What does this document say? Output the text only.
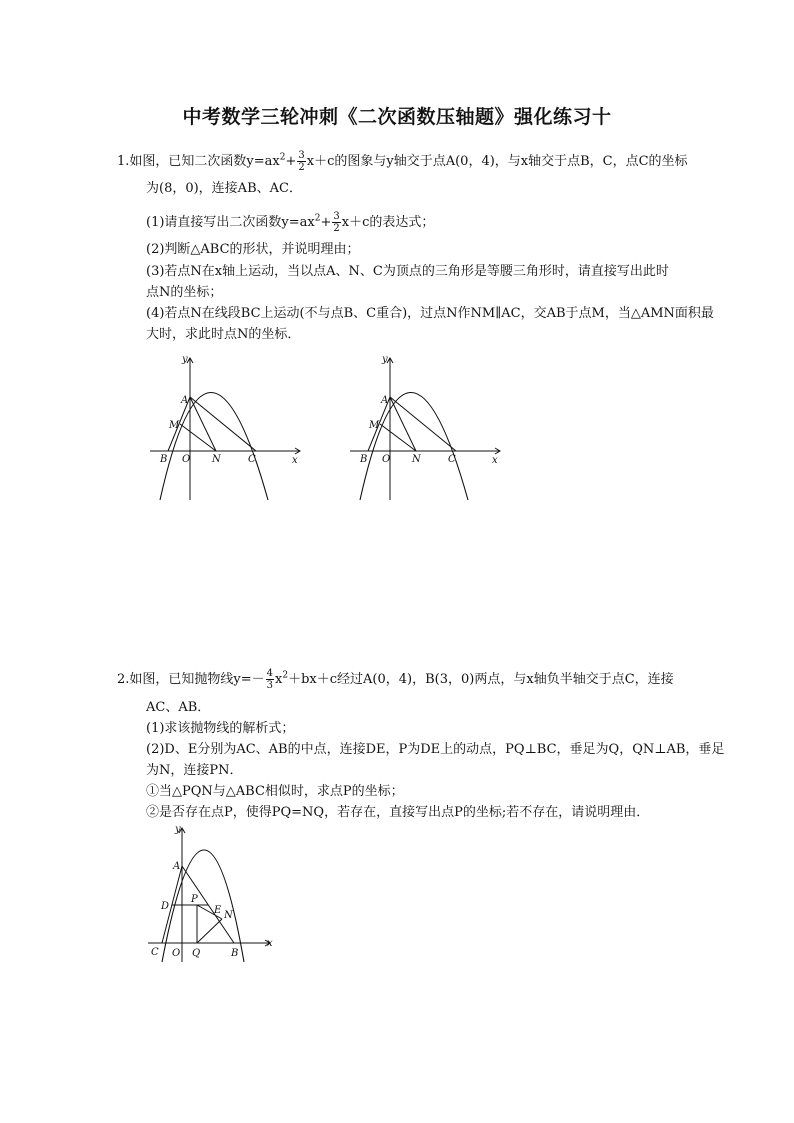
中考数学三轮冲刺《二次函数压轴题》强化练习十
1.如图，已知二次函数$y=ax^2+ \frac{3}{2} x+c$的图象与y轴交于点A(0，4)，与x轴交于点B，C，点C的坐标
为(8，0)，连接AB、AC．
(1)请直接写出二次函数$y=ax^2+ \frac{3}{2} x+c$的表达式；
(2)判断△ABC的形状，并说明理由；
(3)若点N在x轴上运动，当以点A、N、C为顶点的三角形是等腰三角形时，请直接写出此时
点N的坐标；
(4)若点N在线段BC上运动(不与点B、C重合)，过点N作NM∥AC，交AB于点M，当△AMN面积最
大时，求此时点N的坐标．
y
x
A
M
B O N	C
y
x
A
M
B O N	C
2.如图，已知抛物线$y=- \frac{4}{3} x^2+bx+c$经过A(0，4)，B(3，0)两点，与x轴负半轴交于点C，连接
AC、AB．
(1)求该抛物线的解析式；
(2)D、E分别为AC、AB的中点，连接DE，P为DE上的动点，PQ⊥BC，垂足为Q，QN⊥AB，垂足
为N，连接PN．
①当△PQN与△ABC相似时，求点P的坐标；
②是否存在点P，使得PQ=NQ，若存在，直接写出点P的坐标;若不存在，请说明理由．
y
x
A
D
P
E N
C O Q	B
